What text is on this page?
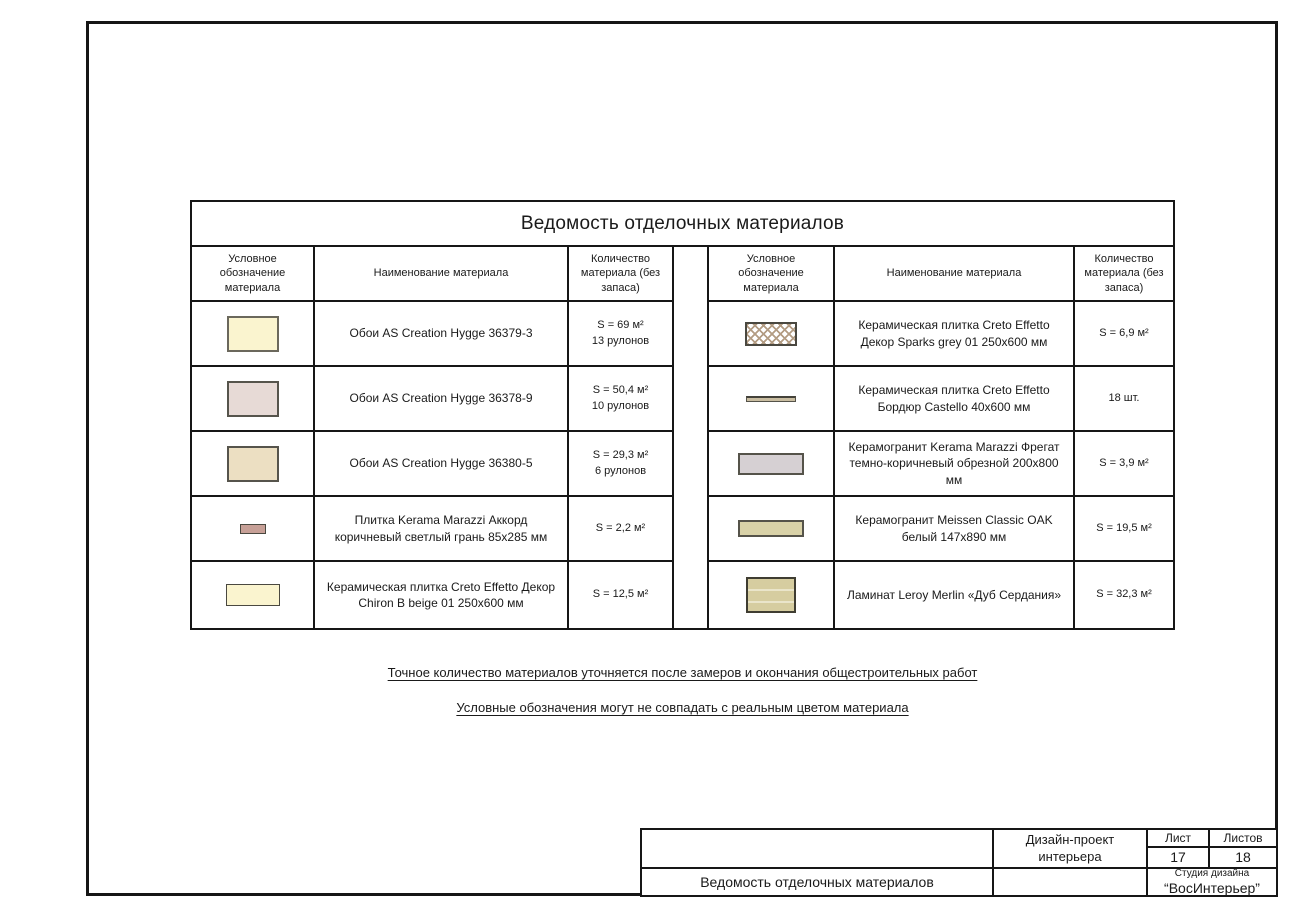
Ведомость отделочных материалов
Условное обозначение материала
Наименование материала
Количество материала (без запаса)
Обои AS Creation Hygge 36379-3
S = 69 м²
13 рулонов
Обои AS Creation Hygge 36378-9
S = 50,4 м²
10 рулонов
Обои AS Creation Hygge 36380-5
S = 29,3 м²
6 рулонов
Плитка Kerama Marazzi Аккорд коричневый светлый грань 85х285 мм
S = 2,2 м²
Керамическая плитка Creto Effetto Декор Chiron B beige 01 250х600 мм
S = 12,5 м²
Условное обозначение материала
Наименование материала
Количество материала (без запаса)
Керамическая плитка Creto Effetto Декор Sparks grey 01 250х600 мм
S = 6,9 м²
Керамическая плитка Creto Effetto Бордюр Castello 40х600 мм
18 шт.
Керамогранит Kerama Marazzi Фрегат темно-коричневый обрезной 200х800 мм
S = 3,9 м²
Керамогранит Meissen Classic OAK белый 147х890 мм
S = 19,5 м²
Ламинат Leroy Merlin «Дуб Сердания»	S = 32,3 м²
Точное количество материалов уточняется после замеров и окончания общестроительных работ
Условные обозначения могут не совпадать с реальным цветом материала
Дизайн-проект
интерьера
Лист
17
Листов
18
Ведомость отделочных материалов
Студия дизайна
“ВосИнтерьер”
